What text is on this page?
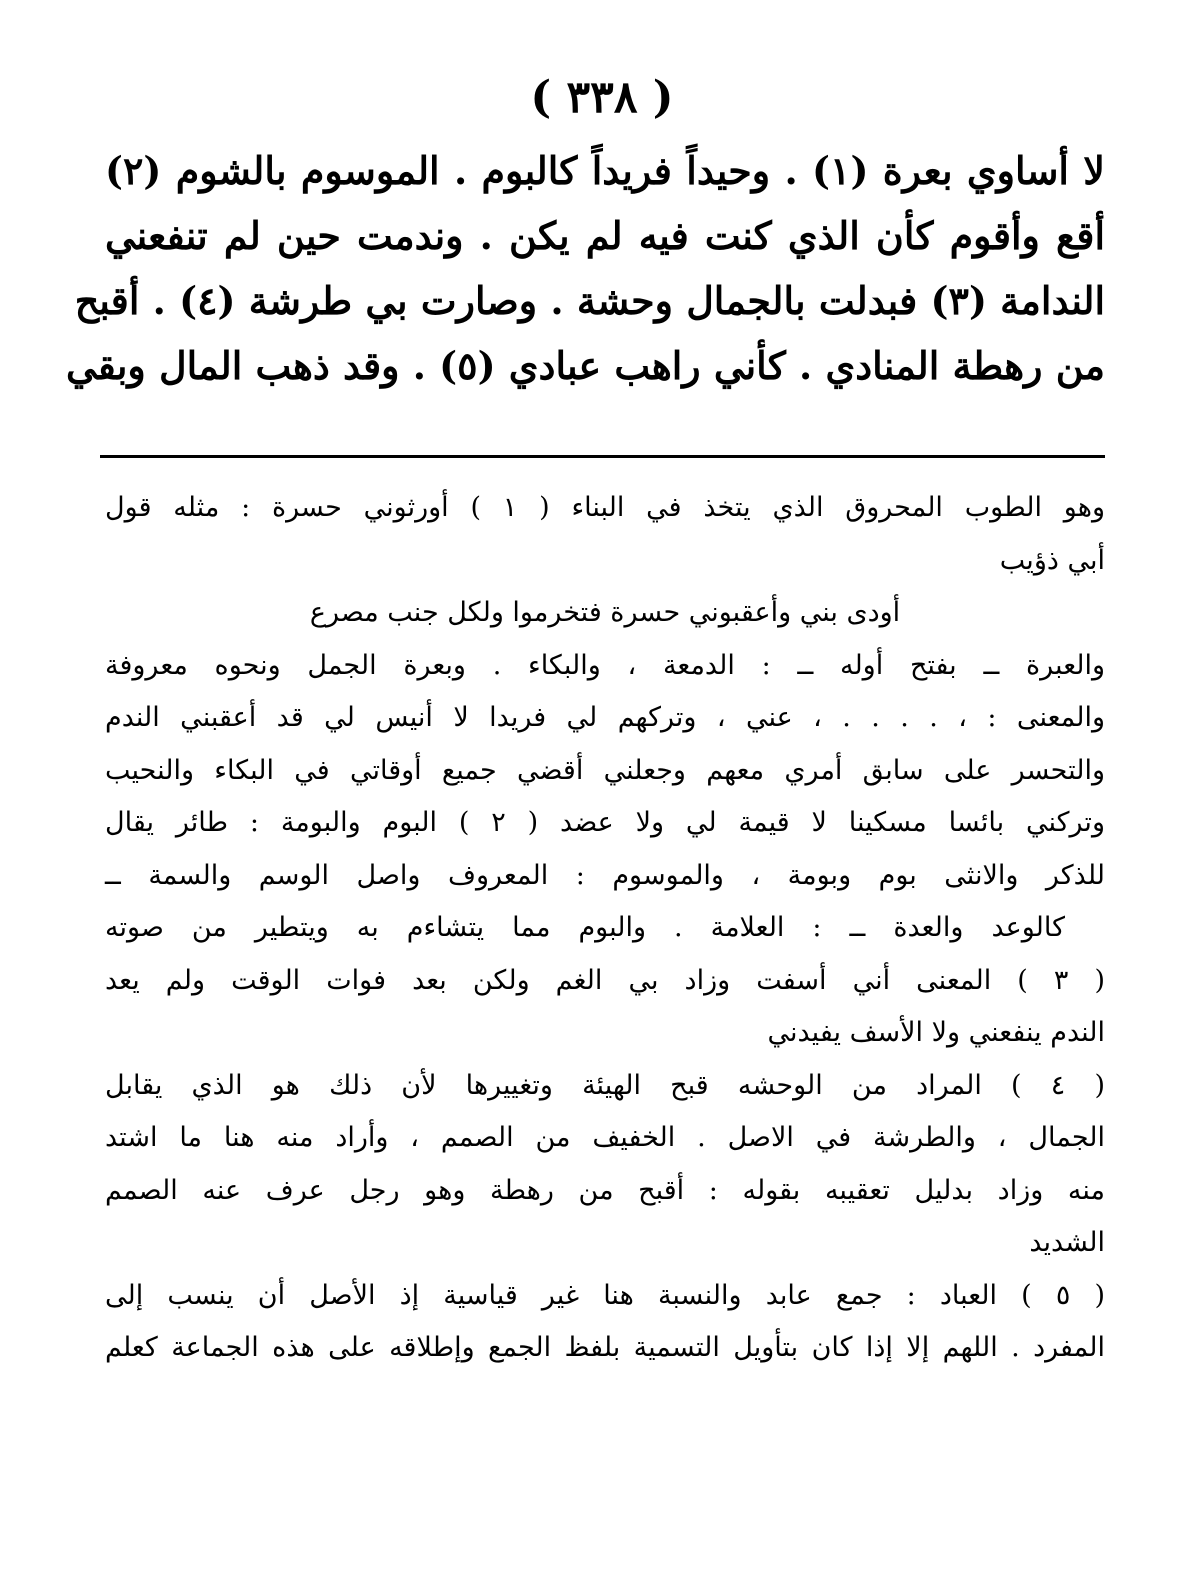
( ٣٣٨ )
لا أساوي بعرة (١) . وحيداً فريداً كالبوم . الموسوم بالشوم (٢)
أقع وأقوم كأن الذي كنت فيه لم يكن . وندمت حين لم تنفعني
الندامة (٣) فبدلت بالجمال وحشة . وصارت بي طرشة (٤) . أقبح
من رهطة المنادي . كأني راهب عبادي (٥) . وقد ذهب المال وبقي
وهو الطوب المحروق الذي يتخذ في البناء ( ١ ) أورثوني حسرة : مثله قول
أبي ذؤيب
أودى بني وأعقبوني حسرة فتخرموا ولكل جنب مصرع
والعبرة ــ بفتح أوله ــ : الدمعة ، والبكاء . وبعرة الجمل ونحوه معروفة
والمعنى : ، . . . . ، عني ، وتركهم لي فريدا لا أنيس لي قد أعقبني الندم
والتحسر على سابق أمري معهم وجعلني أقضي جميع أوقاتي في البكاء والنحيب
وتركني بائسا مسكينا لا قيمة لي ولا عضد ( ٢ ) البوم والبومة : طائر يقال
للذكر والانثى بوم وبومة ، والموسوم : المعروف واصل الوسم والسمة ــ
كالوعد والعدة ــ : العلامة . والبوم مما يتشاءم به ويتطير من صوته
( ٣ ) المعنى أني أسفت وزاد بي الغم ولكن بعد فوات الوقت ولم يعد
الندم ينفعني ولا الأسف يفيدني
( ٤ ) المراد من الوحشه قبح الهيئة وتغييرها لأن ذلك هو الذي يقابل
الجمال ، والطرشة في الاصل . الخفيف من الصمم ، وأراد منه هنا ما اشتد
منه وزاد بدليل تعقيبه بقوله : أقبح من رهطة وهو رجل عرف عنه الصمم
الشديد
( ٥ ) العباد : جمع عابد والنسبة هنا غير قياسية إذ الأصل أن ينسب إلى
المفرد . اللهم إلا إذا كان بتأويل التسمية بلفظ الجمع وإطلاقه على هذه الجماعة كعلم
